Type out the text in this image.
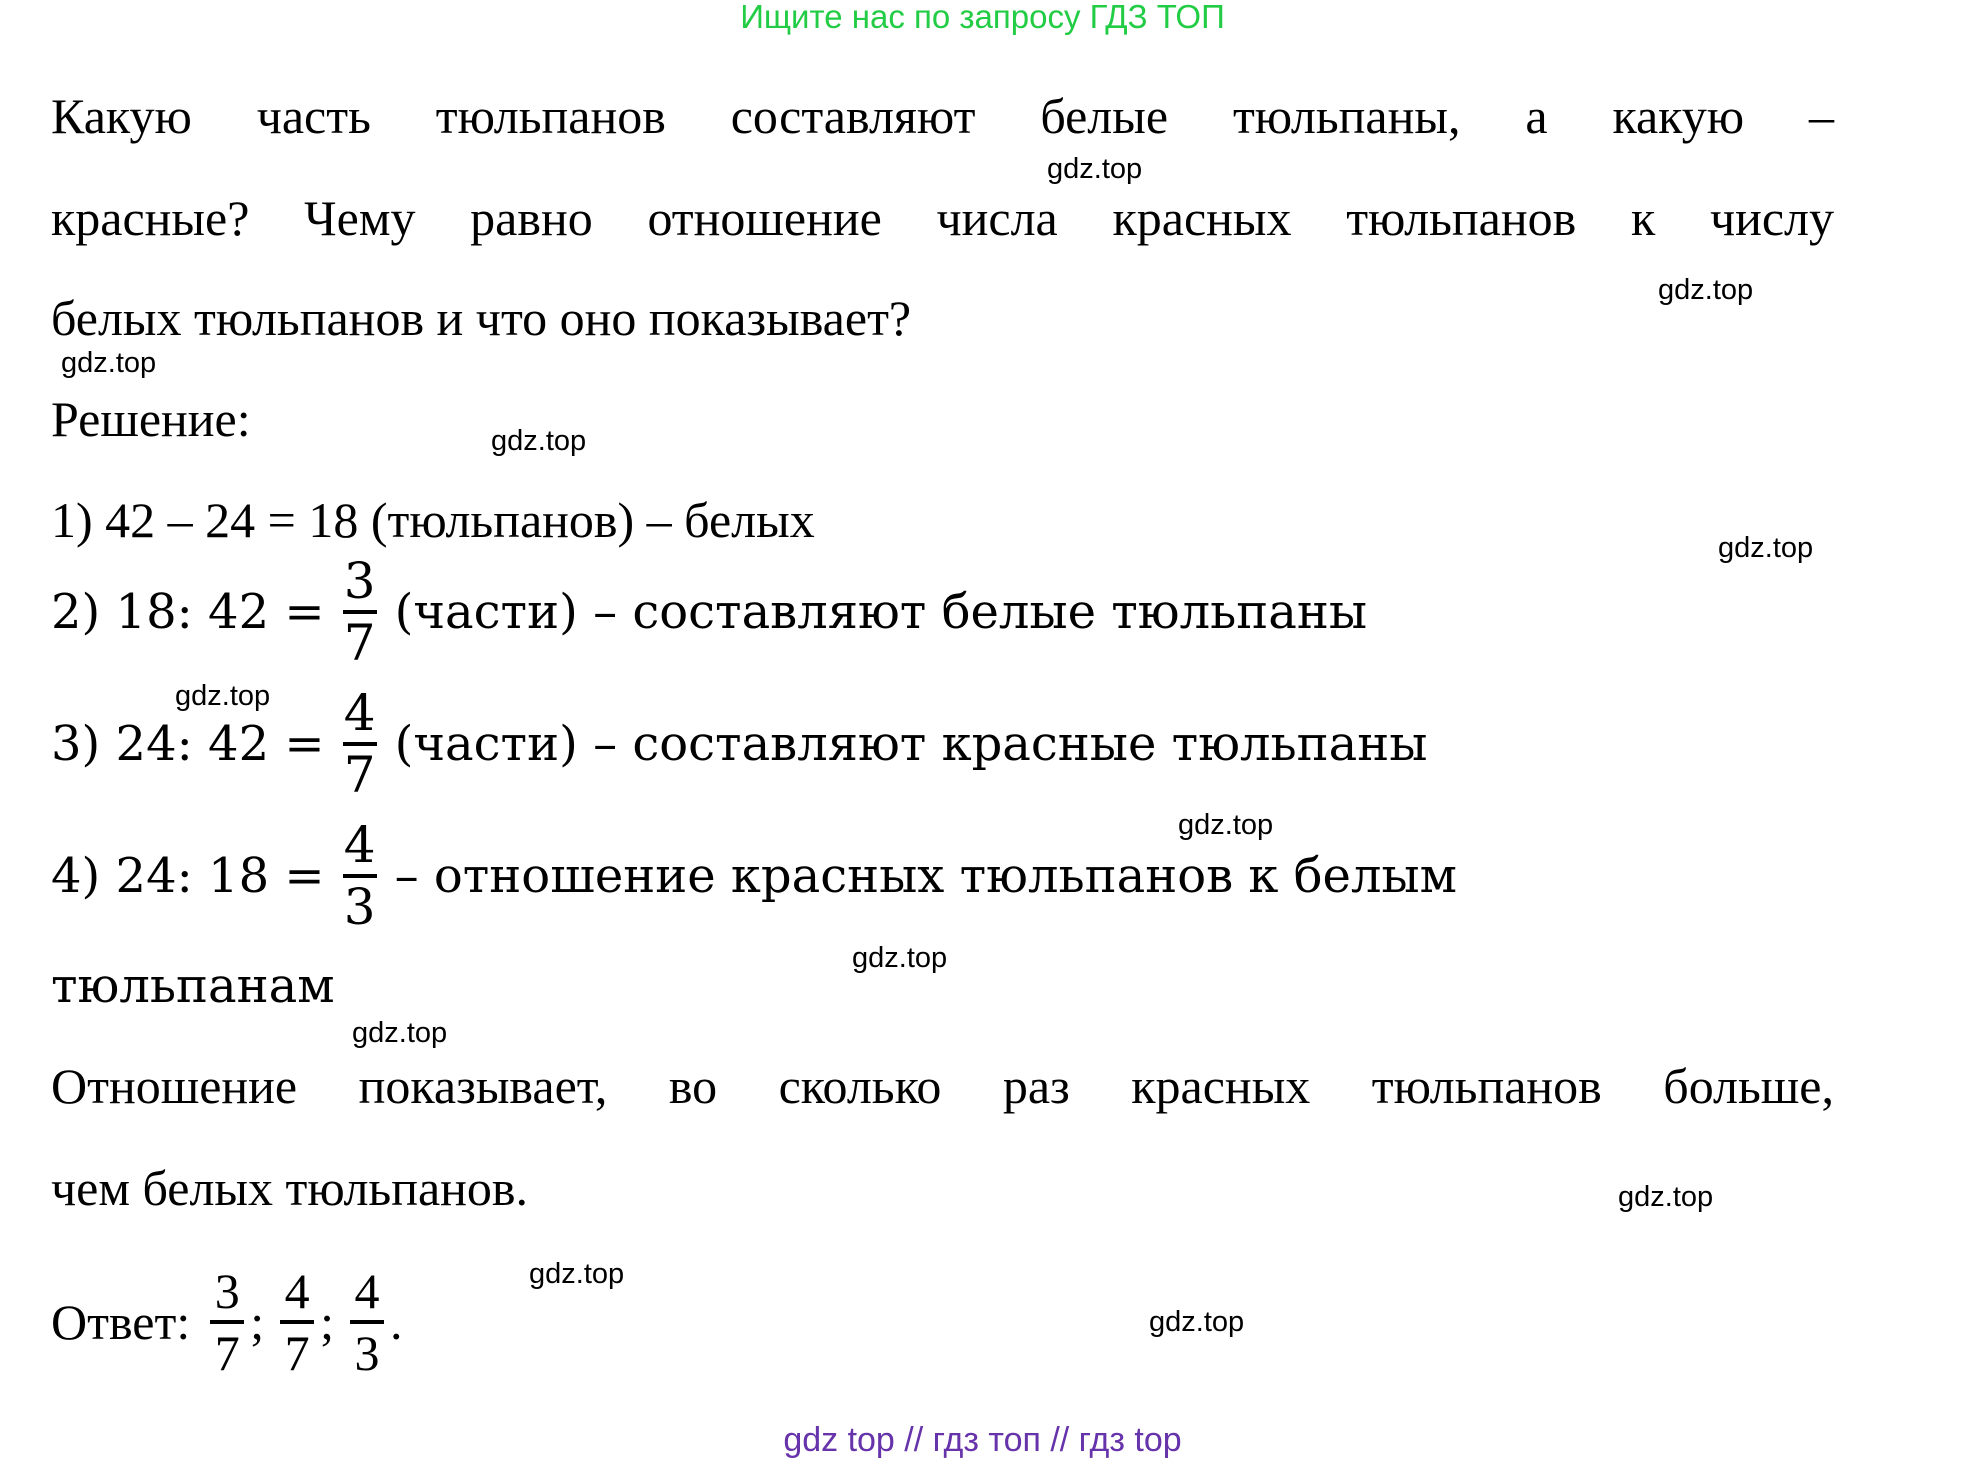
Ищите нас по запросу ГДЗ ТОП
Какую часть тюльпанов составляют белые тюльпаны, а какую –
красные? Чему равно отношение числа красных тюльпанов к числу
белых тюльпанов и что оно показывает?
Решение:
1) 42 – 24 = 18 (тюльпанов) – белых
2) 18: $42 = \frac{3}{7}$ (части) – составляют белые тюльпаны
3) 24: $42 = \frac{4}{7}$ (части) – составляют красные тюльпаны
4) 24: $18 = \frac{4}{3}$ – отношение красных тюльпанов к белым
тюльпанам
Отношение показывает, во сколько раз красных тюльпанов больше,
чем белых тюльпанов.
Ответ: $\frac{3}{7}$ ; $\frac{4}{7}$ ; $\frac{4}{3}$ .
gdz.top
gdz.top
gdz.top
gdz.top
gdz.top
gdz.top
gdz.top
gdz.top
gdz.top
gdz.top
gdz.top
gdz.top
gdz top // гдз топ // гдз top
